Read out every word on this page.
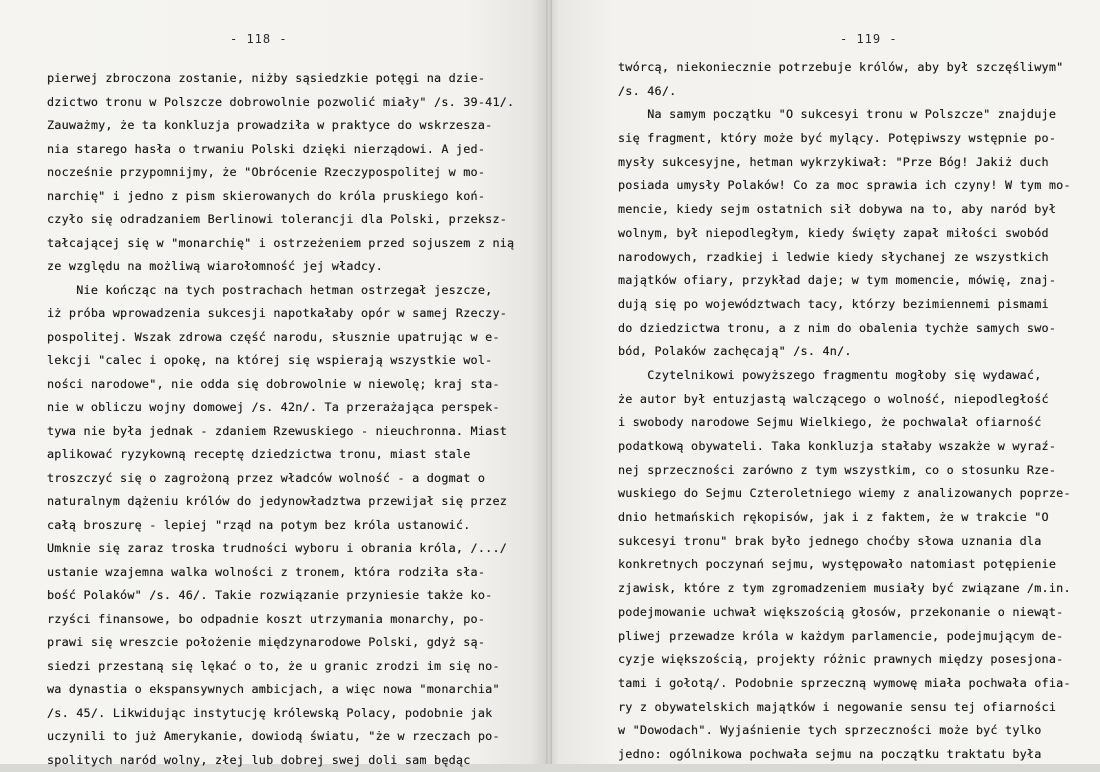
- 118 -
pierwej zbroczona zostanie, niżby sąsiedzkie potęgi na dzie-
dzictwo tronu w Polszcze dobrowolnie pozwolić miały" /s. 39-41/.
Zauważmy, że ta konkluzja prowadziła w praktyce do wskrzesza-
nia starego hasła o trwaniu Polski dzięki nierządowi. A jed-
nocześnie przypomnijmy, że "Obrócenie Rzeczypospolitej w mo-
narchię" i jedno z pism skierowanych do króla pruskiego koń-
czyło się odradzaniem Berlinowi tolerancji dla Polski, przeksz-
tałcającej się w "monarchię" i ostrzeżeniem przed sojuszem z nią
ze względu na możliwą wiarołomność jej władcy.
Nie kończąc na tych postrachach hetman ostrzegał jeszcze,
iż próba wprowadzenia sukcesji napotkałaby opór w samej Rzeczy-
pospolitej. Wszak zdrowa część narodu, słusznie upatrując w e-
lekcji "calec i opokę, na której się wspierają wszystkie wol-
ności narodowe", nie odda się dobrowolnie w niewolę; kraj sta-
nie w obliczu wojny domowej /s. 42n/. Ta przerażająca perspek-
tywa nie była jednak - zdaniem Rzewuskiego - nieuchronna. Miast
aplikować ryzykowną receptę dziedzictwa tronu, miast stale
troszczyć się o zagrożoną przez władców wolność - a dogmat o
naturalnym dążeniu królów do jedynowładztwa przewijał się przez
całą broszurę - lepiej "rząd na potym bez króla ustanowić.
Umknie się zaraz troska trudności wyboru i obrania króla, /.../
ustanie wzajemna walka wolności z tronem, która rodziła sła-
bość Polaków" /s. 46/. Takie rozwiązanie przyniesie także ko-
rzyści finansowe, bo odpadnie koszt utrzymania monarchy, po-
prawi się wreszcie położenie międzynarodowe Polski, gdyż są-
siedzi przestaną się lękać o to, że u granic zrodzi im się no-
wa dynastia o ekspansywnych ambicjach, a więc nowa "monarchia"
/s. 45/. Likwidując instytucję królewską Polacy, podobnie jak
uczynili to już Amerykanie, dowiodą światu, "że w rzeczach po-
spolitych naród wolny, złej lub dobrej swej doli sam będąc
- 119 -
twórcą, niekoniecznie potrzebuje królów, aby był szczęśliwym"
/s. 46/.
Na samym początku "O sukcesyi tronu w Polszcze" znajduje
się fragment, który może być mylący. Potępiwszy wstępnie po-
mysły sukcesyjne, hetman wykrzykiwał: "Prze Bóg! Jakiż duch
posiada umysły Polaków! Co za moc sprawia ich czyny! W tym mo-
mencie, kiedy sejm ostatnich sił dobywa na to, aby naród był
wolnym, był niepodległym, kiedy święty zapał miłości swobód
narodowych, rzadkiej i ledwie kiedy słychanej ze wszystkich
majątków ofiary, przykład daje; w tym momencie, mówię, znaj-
dują się po województwach tacy, którzy bezimiennemi pismami
do dziedzictwa tronu, a z nim do obalenia tychże samych swo-
bód, Polaków zachęcają" /s. 4n/.
Czytelnikowi powyższego fragmentu mogłoby się wydawać,
że autor był entuzjastą walczącego o wolność, niepodległość
i swobody narodowe Sejmu Wielkiego, że pochwalał ofiarność
podatkową obywateli. Taka konkluzja stałaby wszakże w wyraź-
nej sprzeczności zarówno z tym wszystkim, co o stosunku Rze-
wuskiego do Sejmu Czteroletniego wiemy z analizowanych poprze-
dnio hetmańskich rękopisów, jak i z faktem, że w trakcie "O
sukcesyi tronu" brak było jednego choćby słowa uznania dla
konkretnych poczynań sejmu, występowało natomiast potępienie
zjawisk, które z tym zgromadzeniem musiały być związane /m.in.
podejmowanie uchwał większością głosów, przekonanie o niewąt-
pliwej przewadze króla w każdym parlamencie, podejmującym de-
cyzje większością, projekty różnic prawnych między posesjona-
tami i gołotą/. Podobnie sprzeczną wymowę miała pochwała ofia-
ry z obywatelskich majątków i negowanie sensu tej ofiarności
w "Dowodach". Wyjaśnienie tych sprzeczności może być tylko
jedno: ogólnikowa pochwała sejmu na początku traktatu była
